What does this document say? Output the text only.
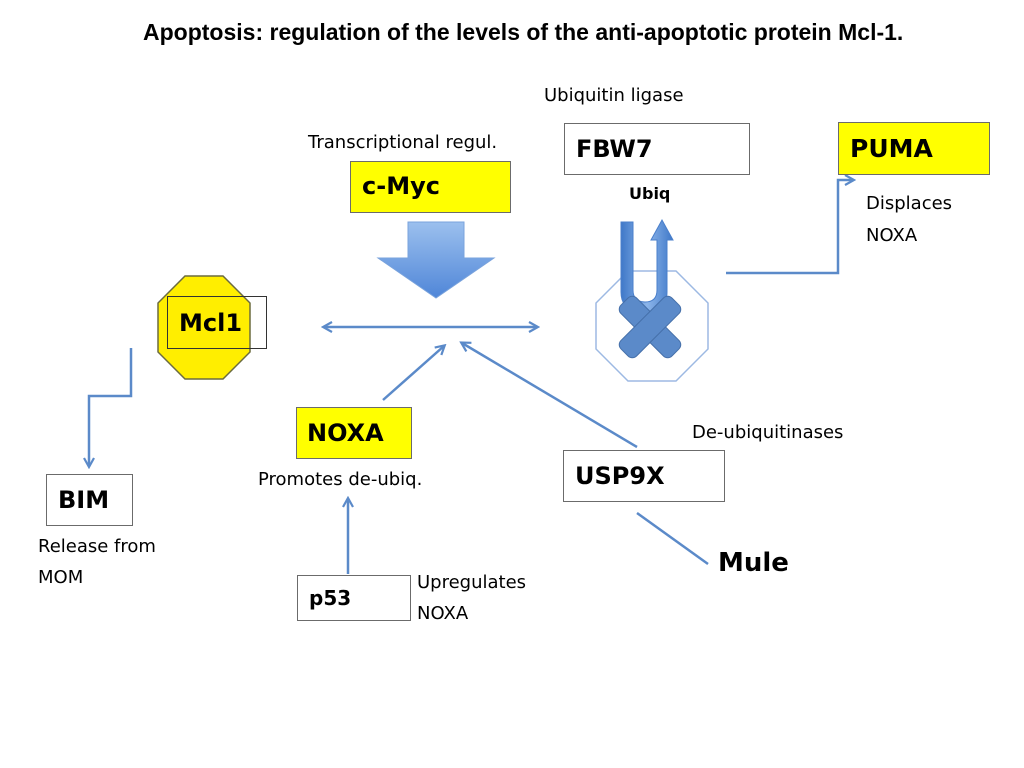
Apoptosis: regulation of the levels of the anti-apoptotic protein Mcl-1.
Ubiquitin ligase
Transcriptional regul.
Ubiq	Displaces
NOXA
De-ubiquitinases
Promotes de-ubiq.
Release from
MOM	Upregulates
NOXA
FBW7	PUMA
c-Myc
Mcl1
NOXA
USP9X
BIM
p53
Mule
